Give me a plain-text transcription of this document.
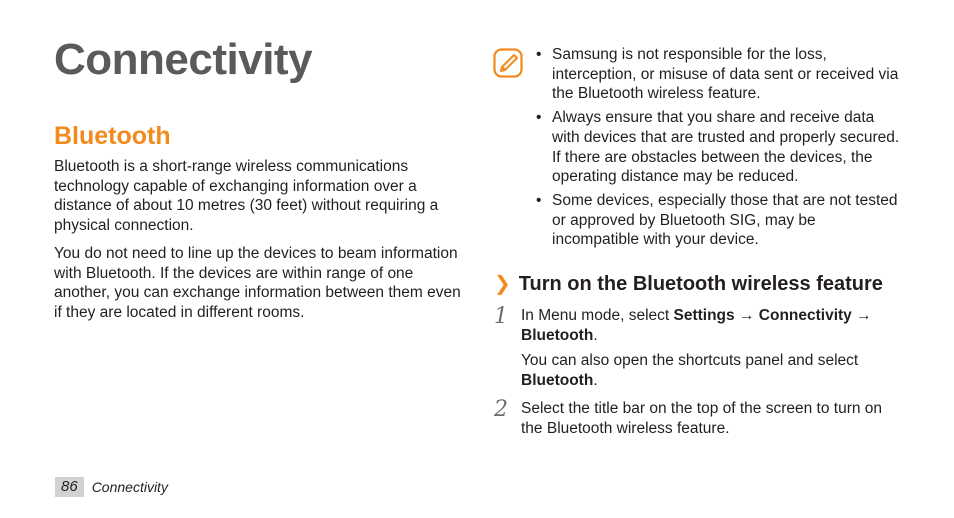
Connectivity
Bluetooth

Bluetooth is a short-range wireless communications technology capable of exchanging information over a distance of about 10 metres (30 feet) without requiring a physical connection.

You do not need to line up the devices to beam information with Bluetooth. If the devices are within range of one another, you can exchange information between them even if they are located in different rooms.

• Samsung is not responsible for the loss, interception, or misuse of data sent or received via the Bluetooth wireless feature.
• Always ensure that you share and receive data with devices that are trusted and properly secured. If there are obstacles between the devices, the operating distance may be reduced.
• Some devices, especially those that are not tested or approved by Bluetooth SIG, may be incompatible with your device.
❯ Turn on the Bluetooth wireless feature
1 In Menu mode, select Settings → Connectivity → Bluetooth.

You can also open the shortcuts panel and select Bluetooth.

2 Select the title bar on the top of the screen to turn on the Bluetooth wireless feature.

86	Connectivity
